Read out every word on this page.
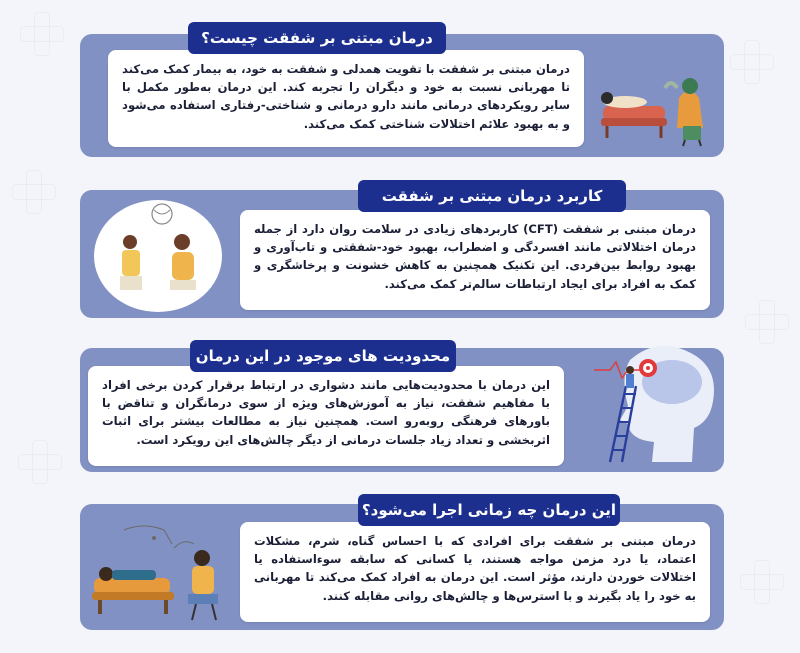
درمان مبتنی بر شفقت با تقویت همدلی و شفقت به خود، به بیمار کمک می‌کند تا مهربانی نسبت به خود و دیگران را تجربه کند. این درمان به‌طور مکمل با سایر رویکردهای درمانی مانند دارو درمانی و شناختی-رفتاری استفاده می‌شود و به بهبود علائم اختلالات شناختی کمک می‌کند.
درمان مبتنی بر شفقت چیست؟
درمان مبتنی بر شفقت (CFT) کاربردهای زیادی در سلامت روان دارد از جمله درمان اختلالاتی مانند افسردگی و اضطراب، بهبود خود-شفقتی و تاب‌آوری و بهبود روابط بین‌فردی. این تکنیک همچنین به کاهش خشونت و پرخاشگری و کمک به افراد برای ایجاد ارتباطات سالم‌تر کمک می‌کند.
کاربرد درمان مبتنی بر شفقت
این درمان با محدودیت‌هایی مانند دشواری در ارتباط برقرار کردن برخی افراد با مفاهیم شفقت، نیاز به آموزش‌های ویژه از سوی درمانگران و تناقض با باورهای فرهنگی روبه‌رو است. همچنین نیاز به مطالعات بیشتر برای اثبات اثربخشی و تعداد زیاد جلسات درمانی از دیگر چالش‌های این رویکرد است.
محدودیت های موجود در این درمان
درمان مبتنی بر شفقت برای افرادی که با احساس گناه، شرم، مشکلات اعتماد، یا درد مزمن مواجه هستند، یا کسانی که سابقه سوءاستفاده یا اختلالات خوردن دارند، مؤثر است. این درمان به افراد کمک می‌کند تا مهربانی به خود را یاد بگیرند و با استرس‌ها و چالش‌های روانی مقابله کنند.
این درمان چه زمانی اجرا می‌شود؟
